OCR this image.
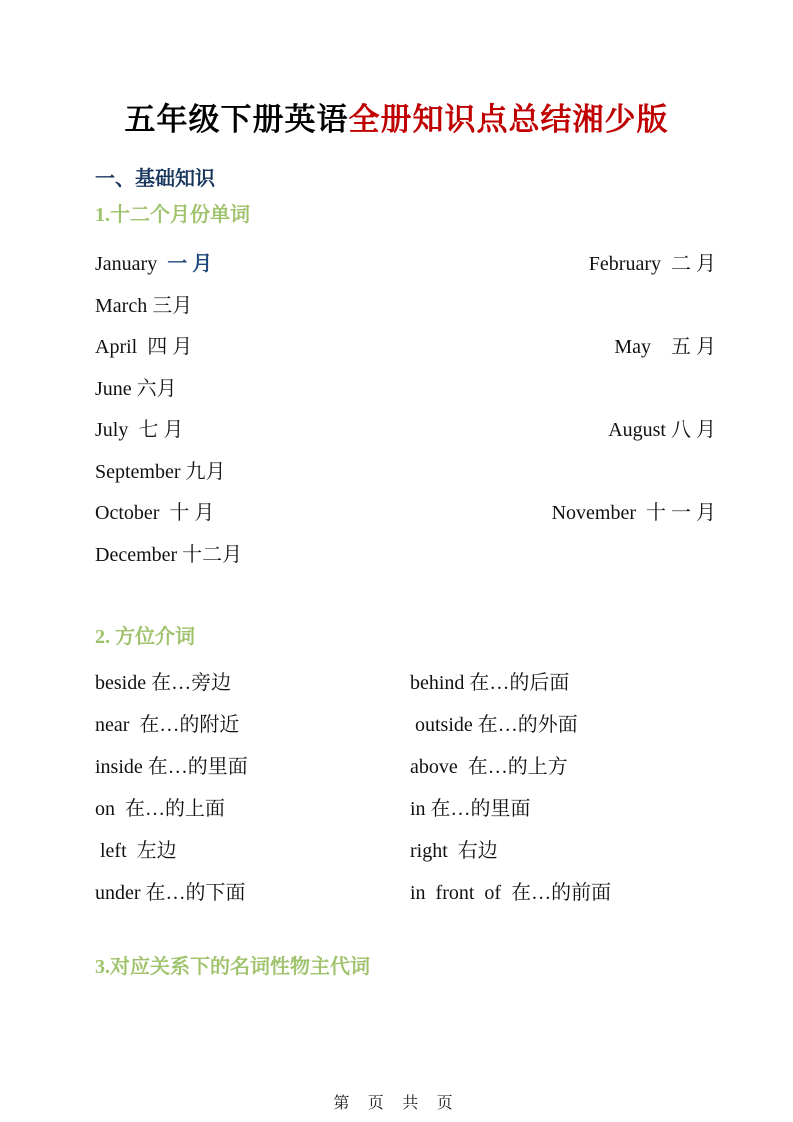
五年级下册英语全册知识点总结湘少版
一、基础知识
1.十二个月份单词
January  一 月	February  二 月
March 三月
April  四 月	May    五 月
June 六月
July  七 月	August 八 月
September 九月
October  十 月	November  十 一 月
December 十二月
2. 方位介词
beside 在…旁边	behind 在…的后面
near  在…的附近	outside 在…的外面
inside 在…的里面	above  在…的上方
on  在…的上面	in 在…的里面
left  左边	right  右边
under 在…的下面	in  front  of  在…的前面
3.对应关系下的名词性物主代词
第 页 共 页
